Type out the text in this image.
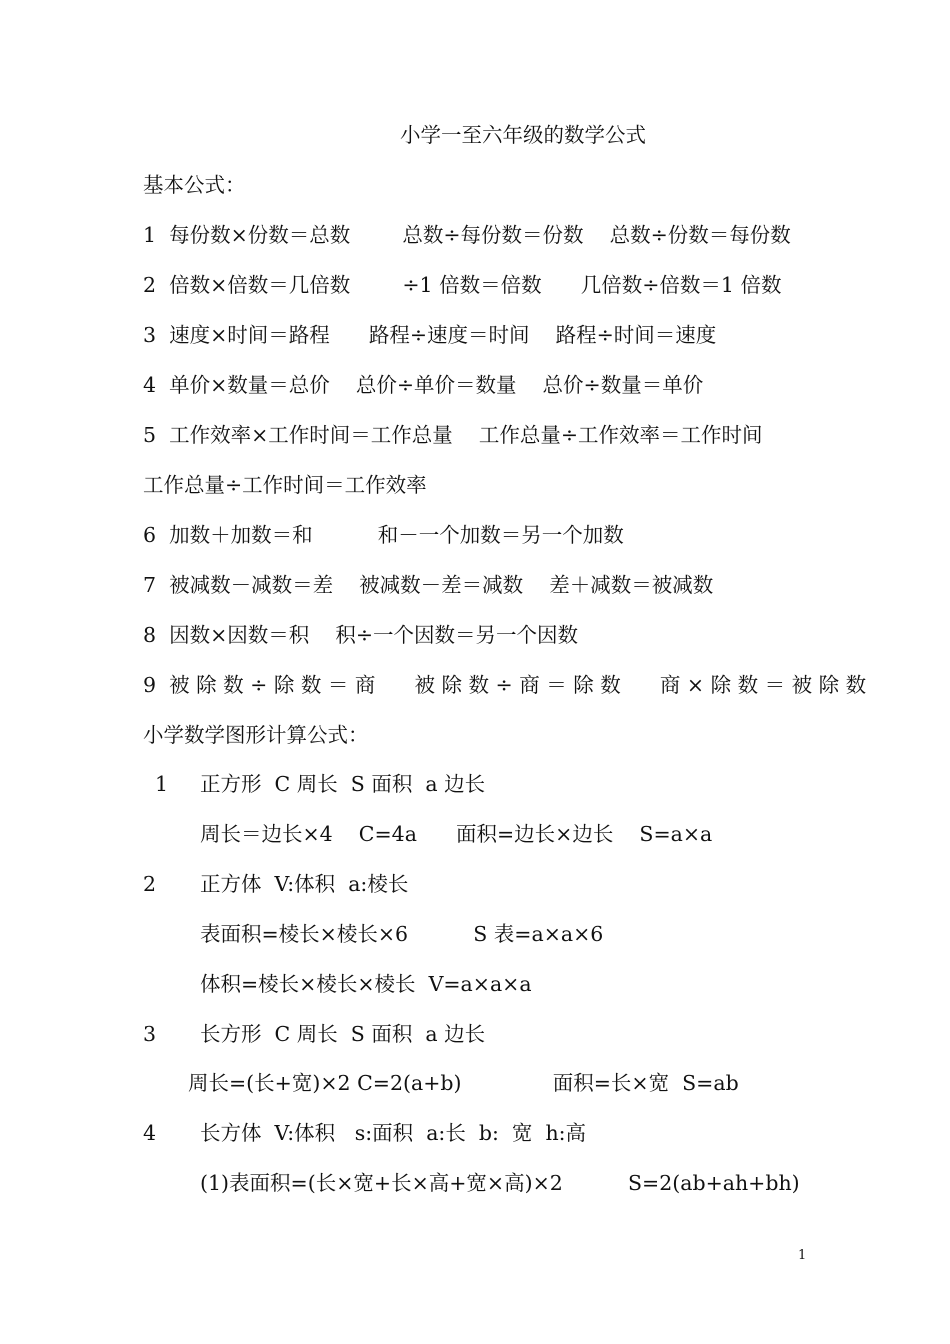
小学一至六年级的数学公式
基本公式：
1  每份数×份数＝总数        总数÷每份数＝份数    总数÷份数＝每份数
2  倍数×倍数＝几倍数        ÷1 倍数＝倍数      几倍数÷倍数＝1 倍数
3  速度×时间＝路程      路程÷速度＝时间    路程÷时间＝速度
4  单价×数量＝总价    总价÷单价＝数量    总价÷数量＝单价
5  工作效率×工作时间＝工作总量    工作总量÷工作效率＝工作时间
工作总量÷工作时间＝工作效率
6  加数＋加数＝和          和－一个加数＝另一个加数
7  被减数－减数＝差    被减数－差＝减数    差＋减数＝被减数
8  因数×因数＝积    积÷一个因数＝另一个因数
9  被 除 数 ÷ 除 数 ＝ 商      被 除 数 ÷ 商 ＝ 除 数      商 × 除 数 ＝ 被 除 数
小学数学图形计算公式：
1 正方形  C 周长  S 面积  a 边长
周长＝边长×4    C=4a      面积=边长×边长    S=a×a
2 正方体  V:体积  a:棱长
表面积=棱长×棱长×6          S 表=a×a×6
体积=棱长×棱长×棱长  V=a×a×a
3 长方形  C 周长  S 面积  a 边长
周长=(长+宽)×2 C=2(a+b)              面积=长×宽  S=ab
4 长方体  V:体积   s:面积  a:长  b:  宽  h:高
(1)表面积=(长×宽+长×高+宽×高)×2          S=2(ab+ah+bh)
1
